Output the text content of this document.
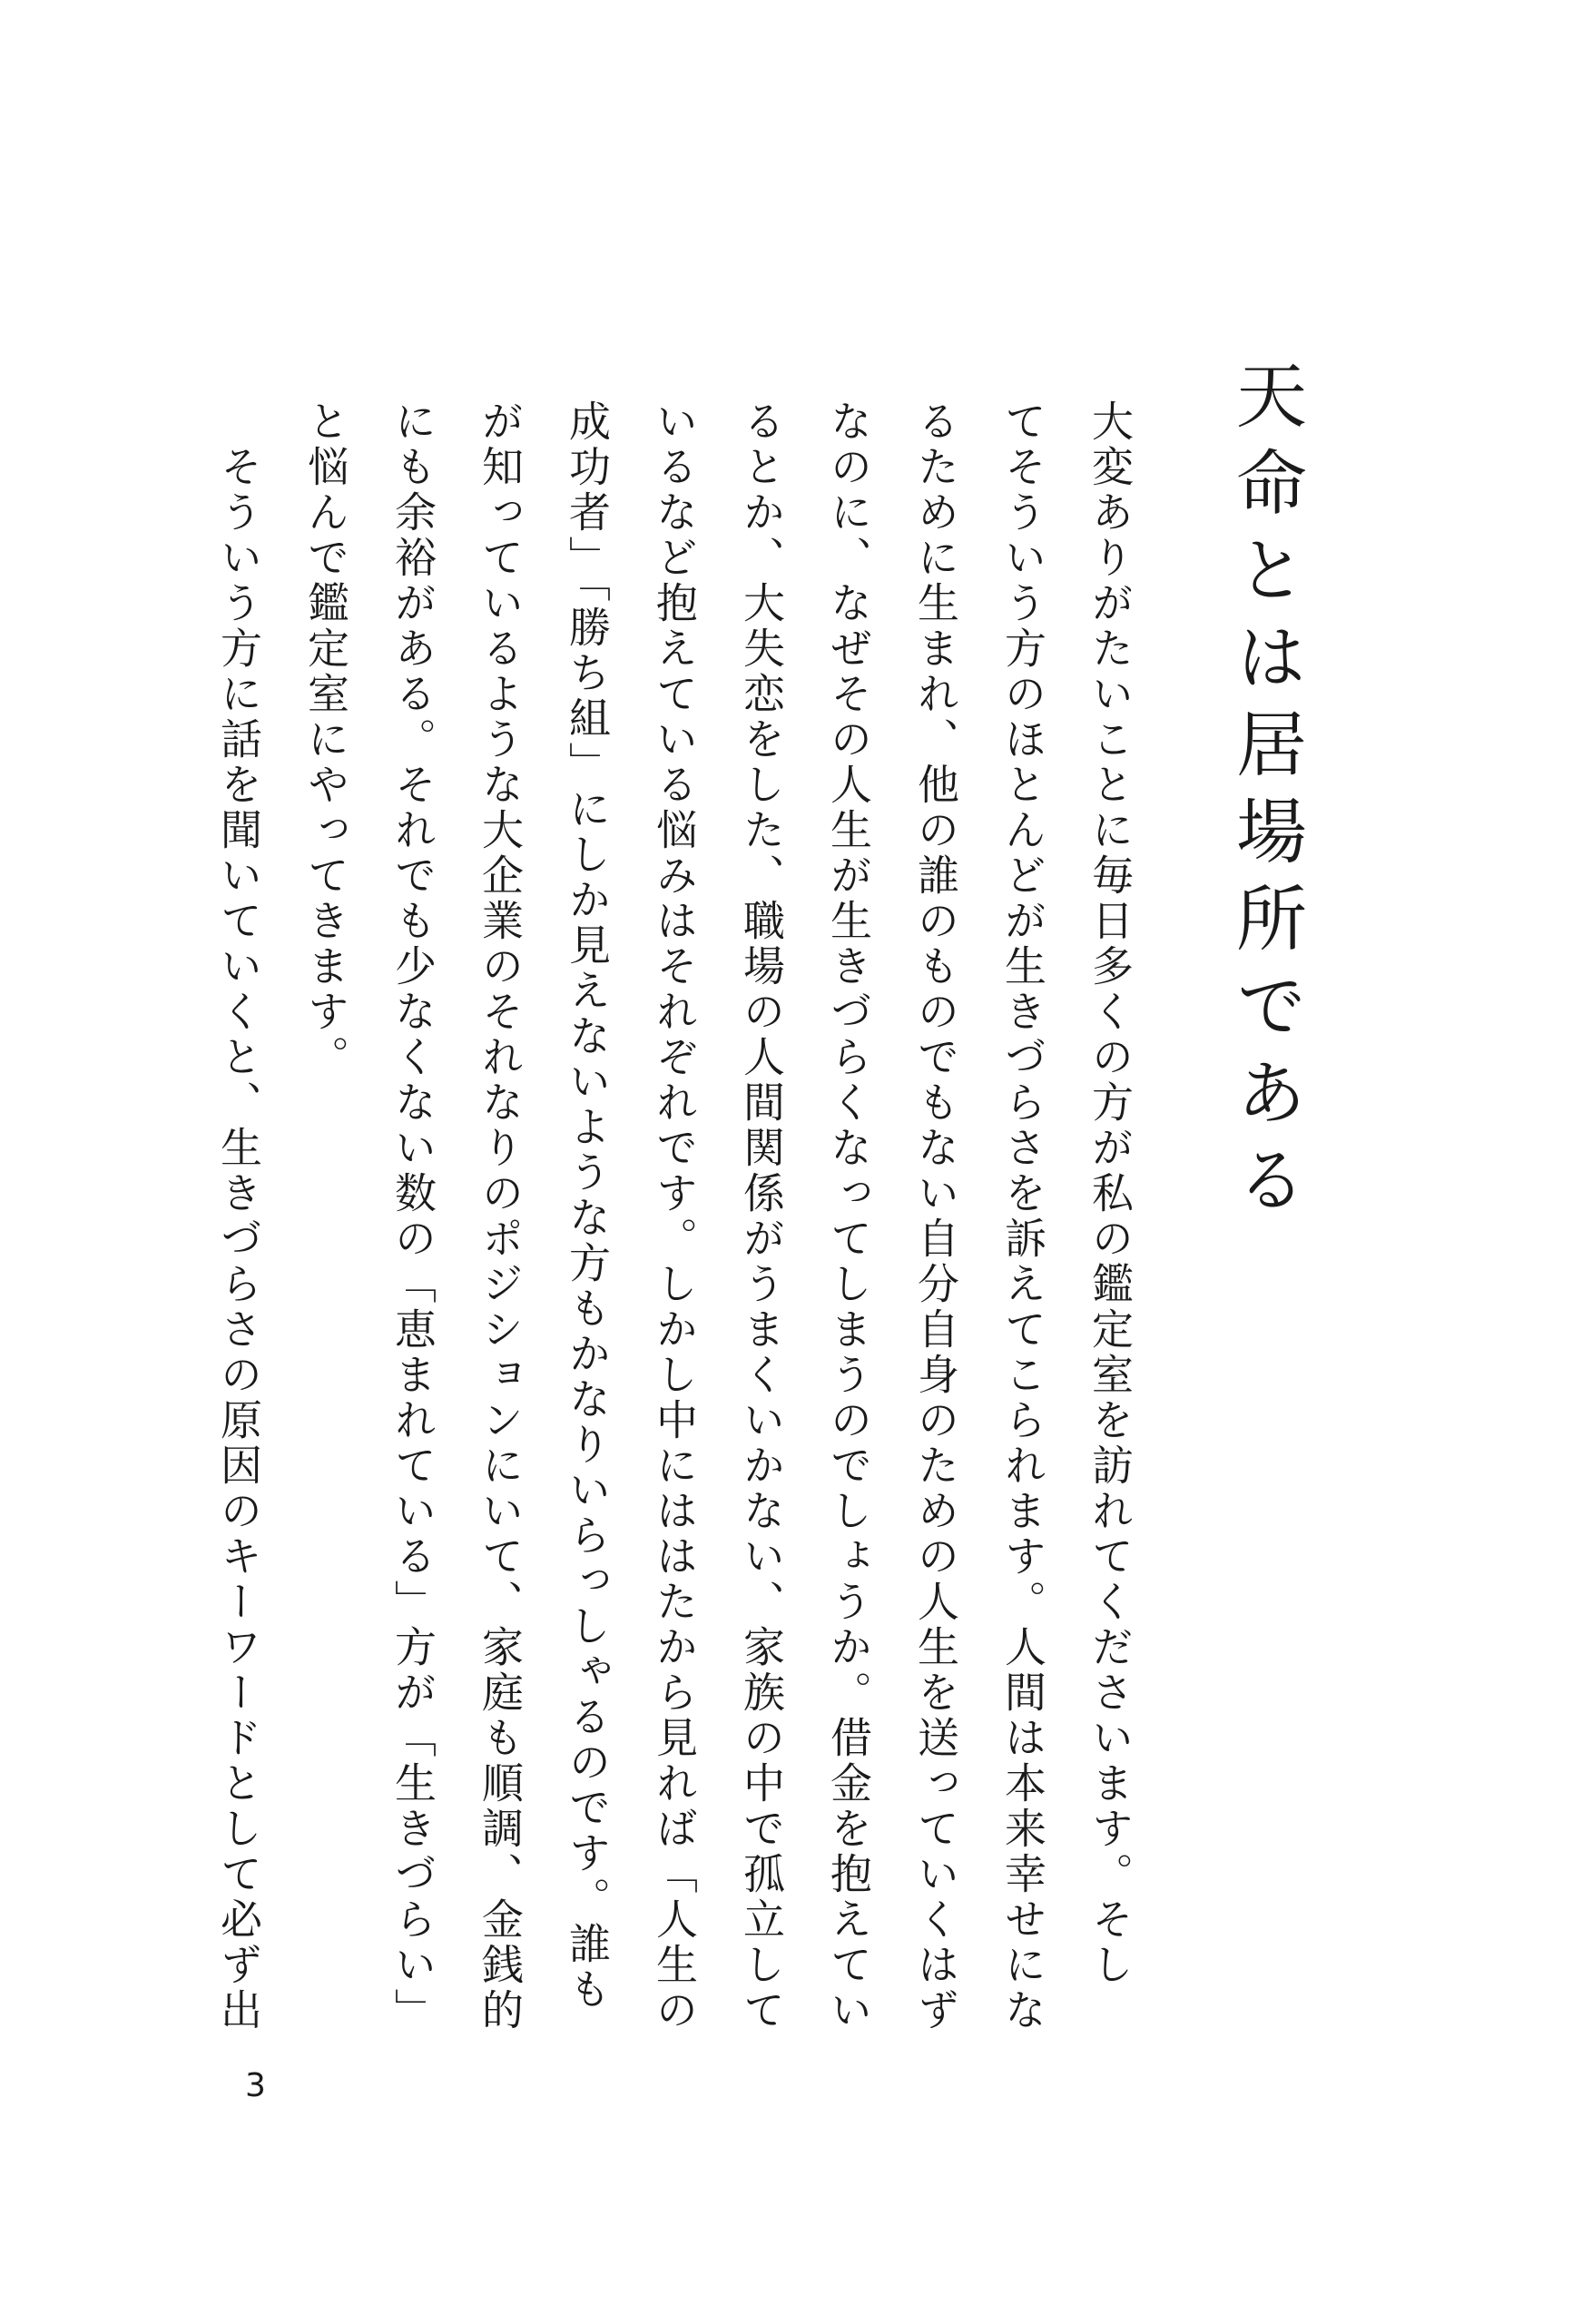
天命とは居場所である

大変ありがたいことに毎日多くの方が私の鑑定室を訪れてくださいます。そし

てそういう方のほとんどが生きづらさを訴えてこられます。人間は本来幸せにな

るために生まれ、他の誰のものでもない自分自身のための人生を送っていくはず

なのに、なぜその人生が生きづらくなってしまうのでしょうか。借金を抱えてい

るとか、大失恋をした、職場の人間関係がうまくいかない、家族の中で孤立して

いるなど抱えている悩みはそれぞれです。しかし中にははたから見れば「人生の

成功者」「勝ち組」にしか見えないような方もかなりいらっしゃるのです。誰も

が知っているような大企業のそれなりのポジションにいて、家庭も順調、金銭的

にも余裕がある。それでも少なくない数の「恵まれている」方が「生きづらい」

と悩んで鑑定室にやってきます。

　そういう方に話を聞いていくと、生きづらさの原因のキーワードとして必ず出

3
